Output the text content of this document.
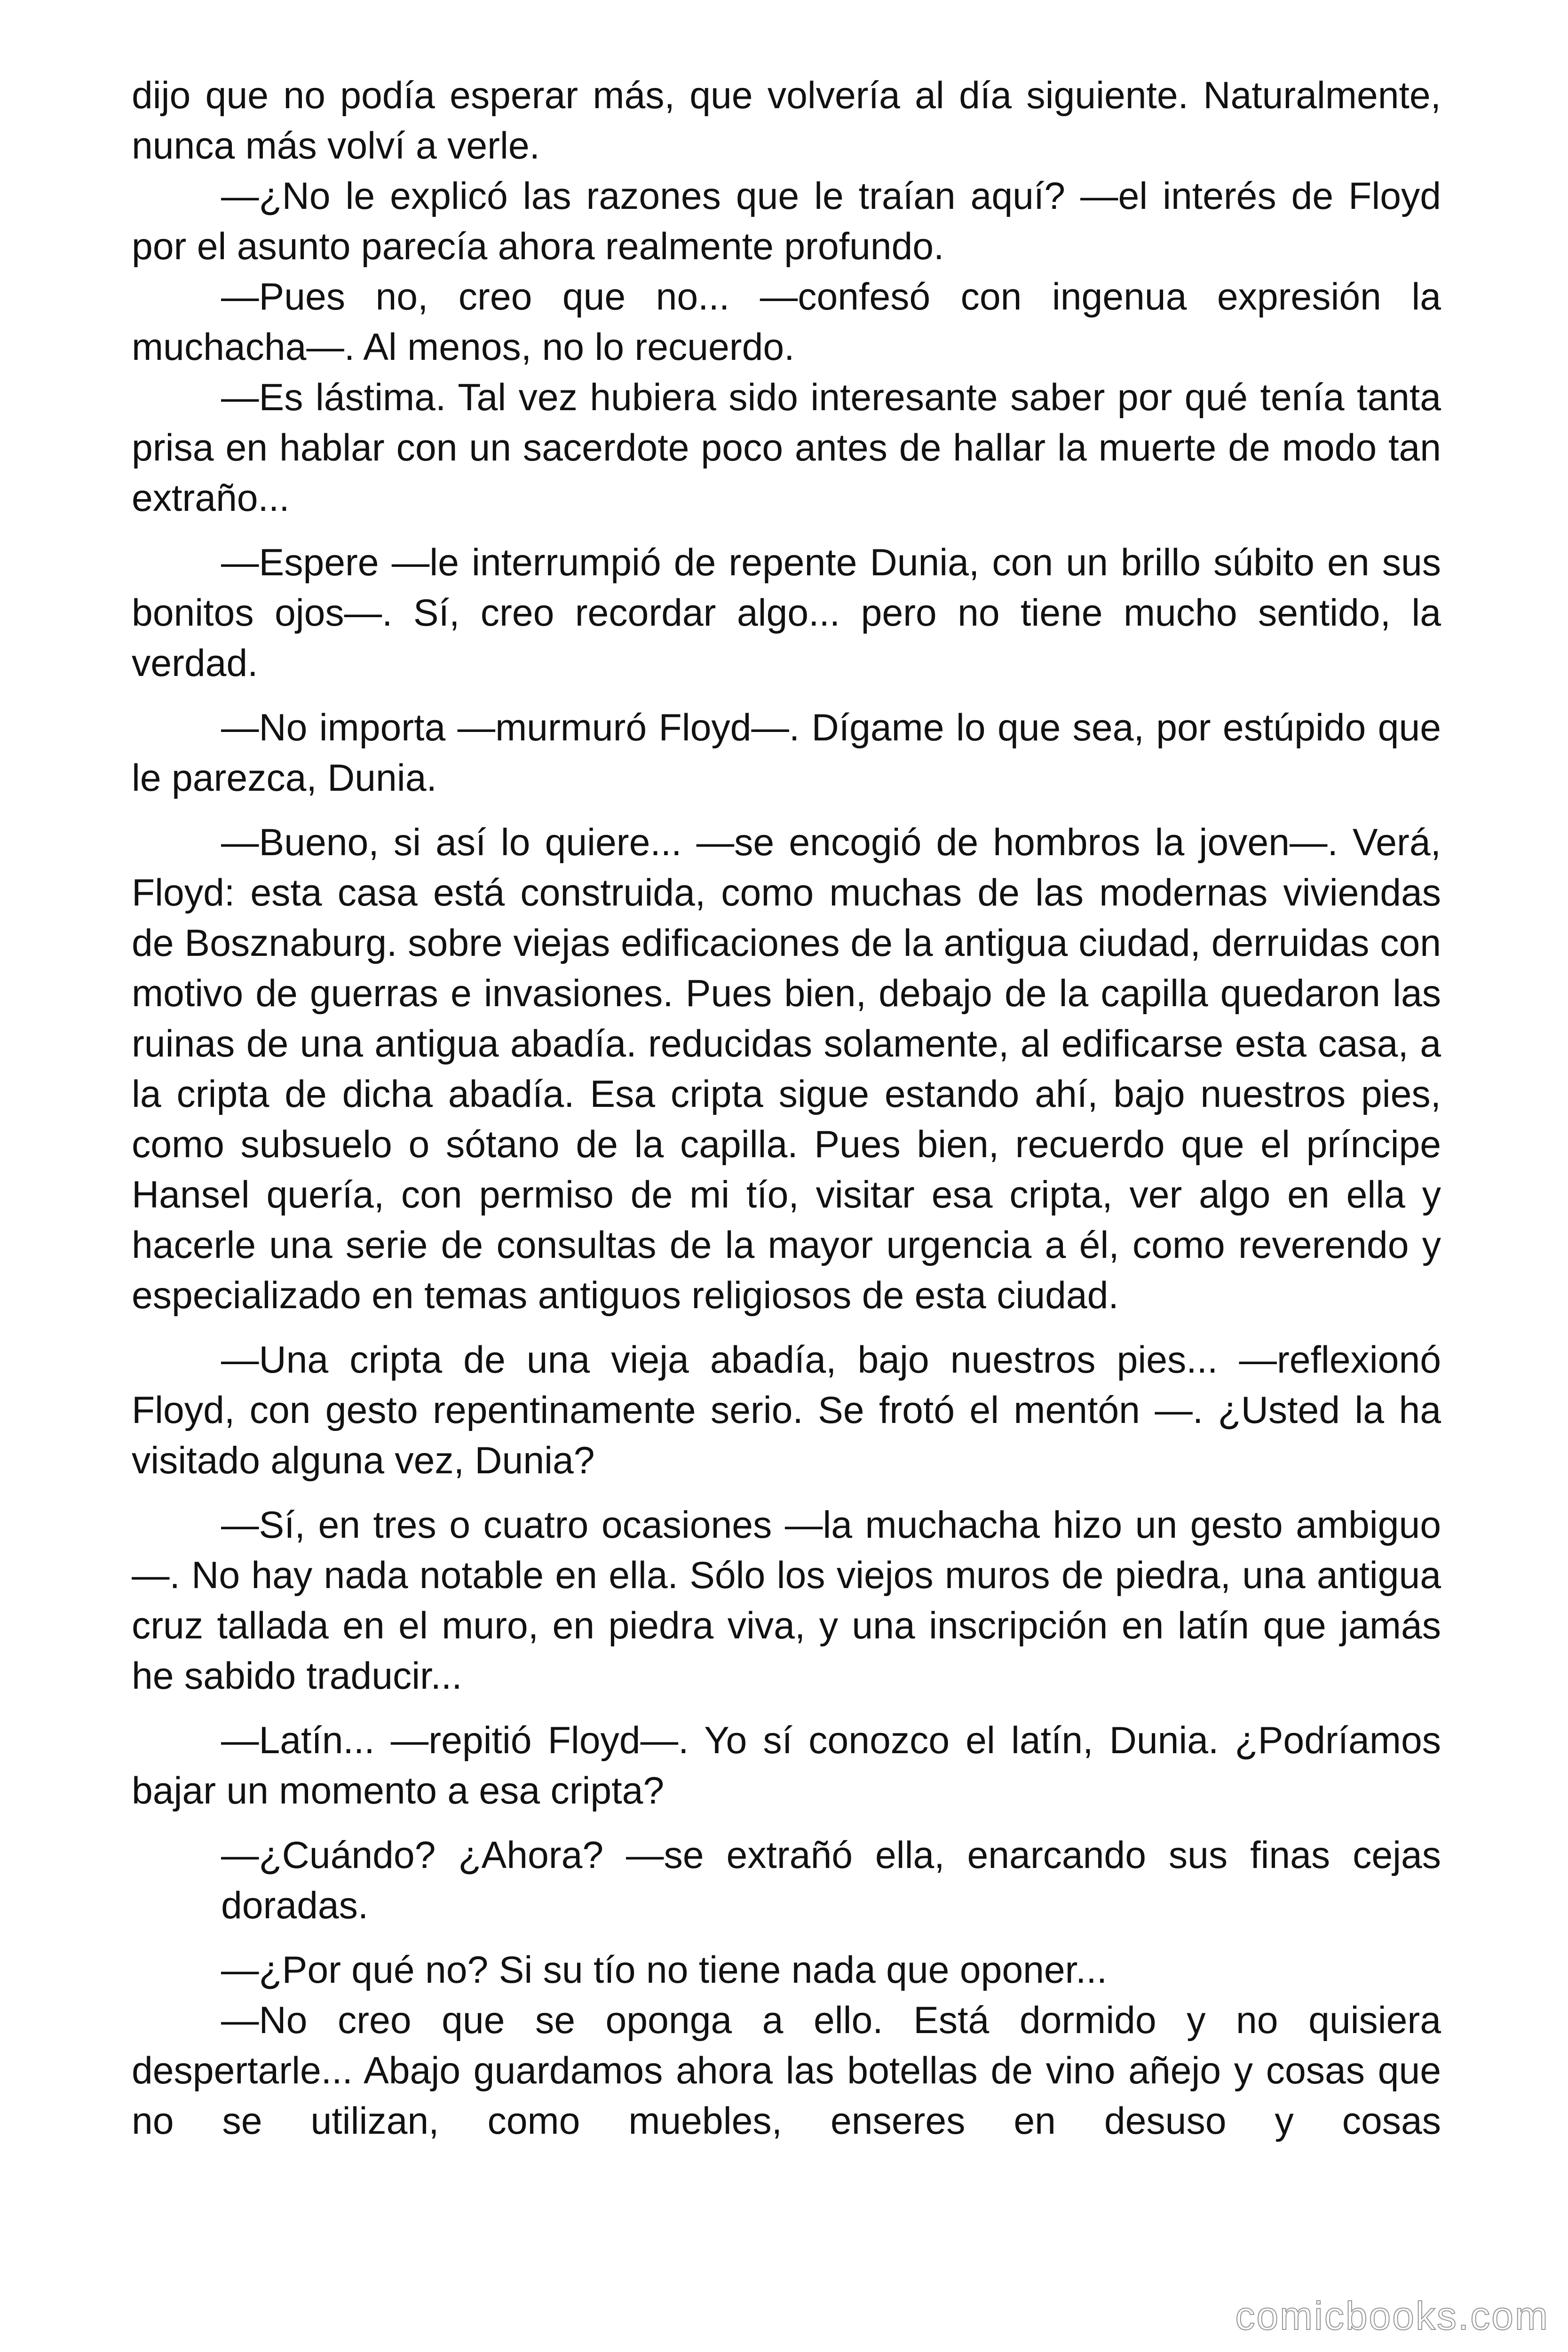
dijo que no podía esperar más, que volvería al día siguiente. Naturalmente, nunca más volví a verle.

—¿No le explicó las razones que le traían aquí? —el interés de Floyd por el asunto parecía ahora realmente profundo.

—Pues no, creo que no... —confesó con ingenua expresión la muchacha—. Al menos, no lo recuerdo.

—Es lástima. Tal vez hubiera sido interesante saber por qué tenía tanta prisa en hablar con un sacerdote poco antes de hallar la muerte de modo tan extraño...

—Espere —le interrumpió de repente Dunia, con un brillo súbito en sus bonitos ojos—. Sí, creo recordar algo... pero no tiene mucho sentido, la verdad.

—No importa —murmuró Floyd—. Dígame lo que sea, por estúpido que le parezca, Dunia.

—Bueno, si así lo quiere... —se encogió de hombros la joven—. Verá, Floyd: esta casa está construida, como muchas de las modernas viviendas de Bosznaburg. sobre viejas edificaciones de la antigua ciudad, derruidas con motivo de guerras e invasiones. Pues bien, debajo de la capilla quedaron las ruinas de una antigua abadía. reducidas solamente, al edificarse esta casa, a la cripta de dicha abadía. Esa cripta sigue estando ahí, bajo nuestros pies, como subsuelo o sótano de la capilla. Pues bien, recuerdo que el príncipe Hansel quería, con permiso de mi tío, visitar esa cripta, ver algo en ella y hacerle una serie de consultas de la mayor urgencia a él, como reverendo y especializado en temas antiguos religiosos de esta ciudad.

—Una cripta de una vieja abadía, bajo nuestros pies... —reflexionó Floyd, con gesto repentinamente serio. Se frotó el mentón —. ¿Usted la ha visitado alguna vez, Dunia?

—Sí, en tres o cuatro ocasiones —la muchacha hizo un gesto ambiguo—. No hay nada notable en ella. Sólo los viejos muros de piedra, una antigua cruz tallada en el muro, en piedra viva, y una inscripción en latín que jamás he sabido traducir...

—Latín... —repitió Floyd—. Yo sí conozco el latín, Dunia. ¿Podríamos bajar un momento a esa cripta?

—¿Cuándo? ¿Ahora? —se extrañó ella, enarcando sus finas cejas doradas.

—¿Por qué no? Si su tío no tiene nada que oponer...

—No creo que se oponga a ello. Está dormido y no quisiera despertarle... Abajo guardamos ahora las botellas de vino añejo y cosas que no se utilizan, como muebles, enseres en desuso y cosas

comicbooks.com
